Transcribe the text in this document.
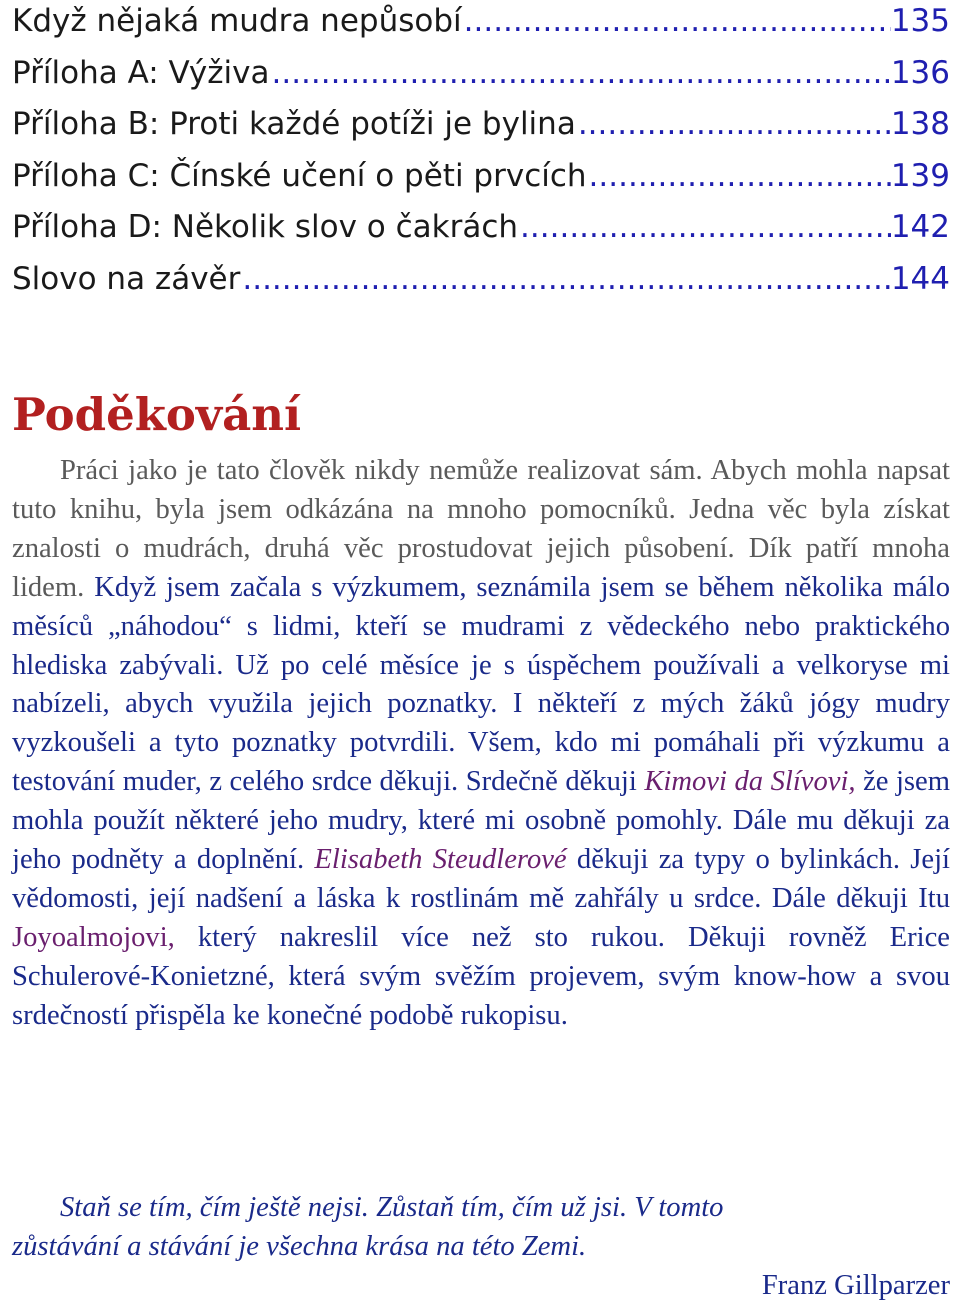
Když nějaká mudra nepůsobí .....	135
Příloha A: Výživa .....	136
Příloha B: Proti každé potíži je bylina .....	138
Příloha C: Čínské učení o pěti prvcích .....	139
Příloha D: Několik slov o čakrách .....	142
Slovo na závěr .....	144
Poděkování

Práci jako je tato člověk nikdy nemůže realizovat sám. Abych mohla napsat tuto knihu, byla jsem odkázána na mnoho pomocníků. Jedna věc byla získat znalosti o mudrách, druhá věc prostudovat jejich působení. Dík patří mnoha lidem. Když jsem začala s výzkumem, seznámila jsem se během několika málo měsíců „náhodou“ s lidmi, kteří se mudrami z vědeckého nebo praktického hlediska zabývali. Už po celé měsíce je s úspěchem používali a velkoryse mi nabízeli, abych využila jejich poznatky. I někteří z mých žáků jógy mudry vyzkoušeli a tyto poznatky potvrdili. Všem, kdo mi pomáhali při výzkumu a testování muder, z celého srdce děkuji. Srdečně děkuji Kimovi da Slívovi, že jsem mohla použít některé jeho mudry, které mi osobně pomohly. Dále mu děkuji za jeho podněty a doplnění. Elisabeth Steudlerové děkuji za typy o bylinkách. Její vědomosti, její nadšení a láska k rostlinám mě zahřály u srdce. Dále děkuji Itu Joyoalmojovi, který nakreslil více než sto rukou. Děkuji rovněž Erice Schulerové-Konietzné, která svým svěžím projevem, svým know-how a svou srdečností přispěla ke konečné podobě rukopisu.

Staň se tím, čím ještě nejsi. Zůstaň tím, čím už jsi. V tomto
zůstávání a stávání je všechna krása na této Zemi.

Franz Gillparzer
